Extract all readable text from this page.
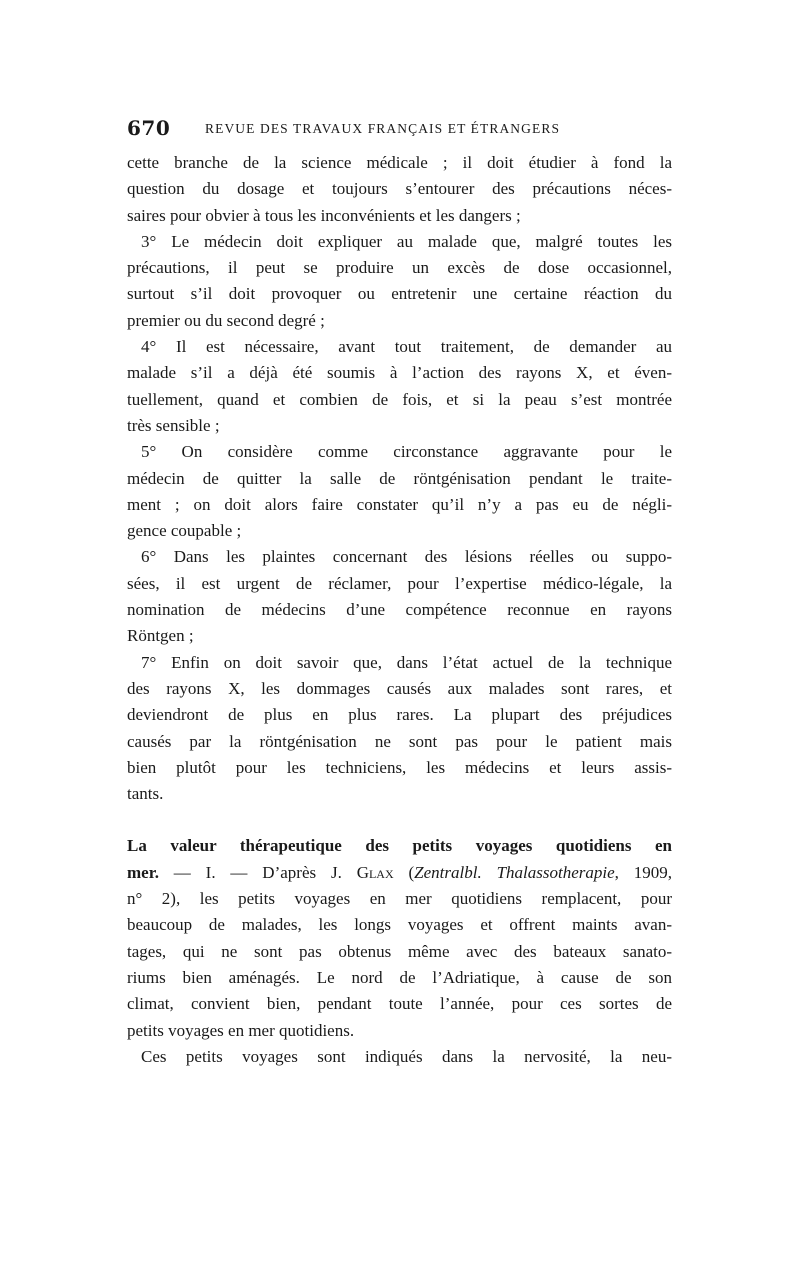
670	REVUE DES TRAVAUX FRANÇAIS ET ÉTRANGERS
cette branche de la science médicale ; il doit étudier à fond la
question du dosage et toujours s’entourer des précautions néces-
saires pour obvier à tous les inconvénients et les dangers ;
3° Le médecin doit expliquer au malade que, malgré toutes les
précautions, il peut se produire un excès de dose occasionnel,
surtout s’il doit provoquer ou entretenir une certaine réaction du
premier ou du second degré ;
4° Il est nécessaire, avant tout traitement, de demander au
malade s’il a déjà été soumis à l’action des rayons X, et éven-
tuellement, quand et combien de fois, et si la peau s’est montrée
très sensible ;
5° On considère comme circonstance aggravante pour le
médecin de quitter la salle de röntgénisation pendant le traite-
ment ; on doit alors faire constater qu’il n’y a pas eu de négli-
gence coupable ;
6° Dans les plaintes concernant des lésions réelles ou suppo-
sées, il est urgent de réclamer, pour l’expertise médico-légale, la
nomination de médecins d’une compétence reconnue en rayons
Röntgen ;
7° Enfin on doit savoir que, dans l’état actuel de la technique
des rayons X, les dommages causés aux malades sont rares, et
deviendront de plus en plus rares. La plupart des préjudices
causés par la röntgénisation ne sont pas pour le patient mais
bien plutôt pour les techniciens, les médecins et leurs assis-
tants.
La valeur thérapeutique des petits voyages quotidiens en
mer. — I. — D’après J. Glax (Zentralbl. Thalassotherapie, 1909,
n° 2), les petits voyages en mer quotidiens remplacent, pour
beaucoup de malades, les longs voyages et offrent maints avan-
tages, qui ne sont pas obtenus même avec des bateaux sanato-
riums bien aménagés. Le nord de l’Adriatique, à cause de son
climat, convient bien, pendant toute l’année, pour ces sortes de
petits voyages en mer quotidiens.
Ces petits voyages sont indiqués dans la nervosité, la neu-
